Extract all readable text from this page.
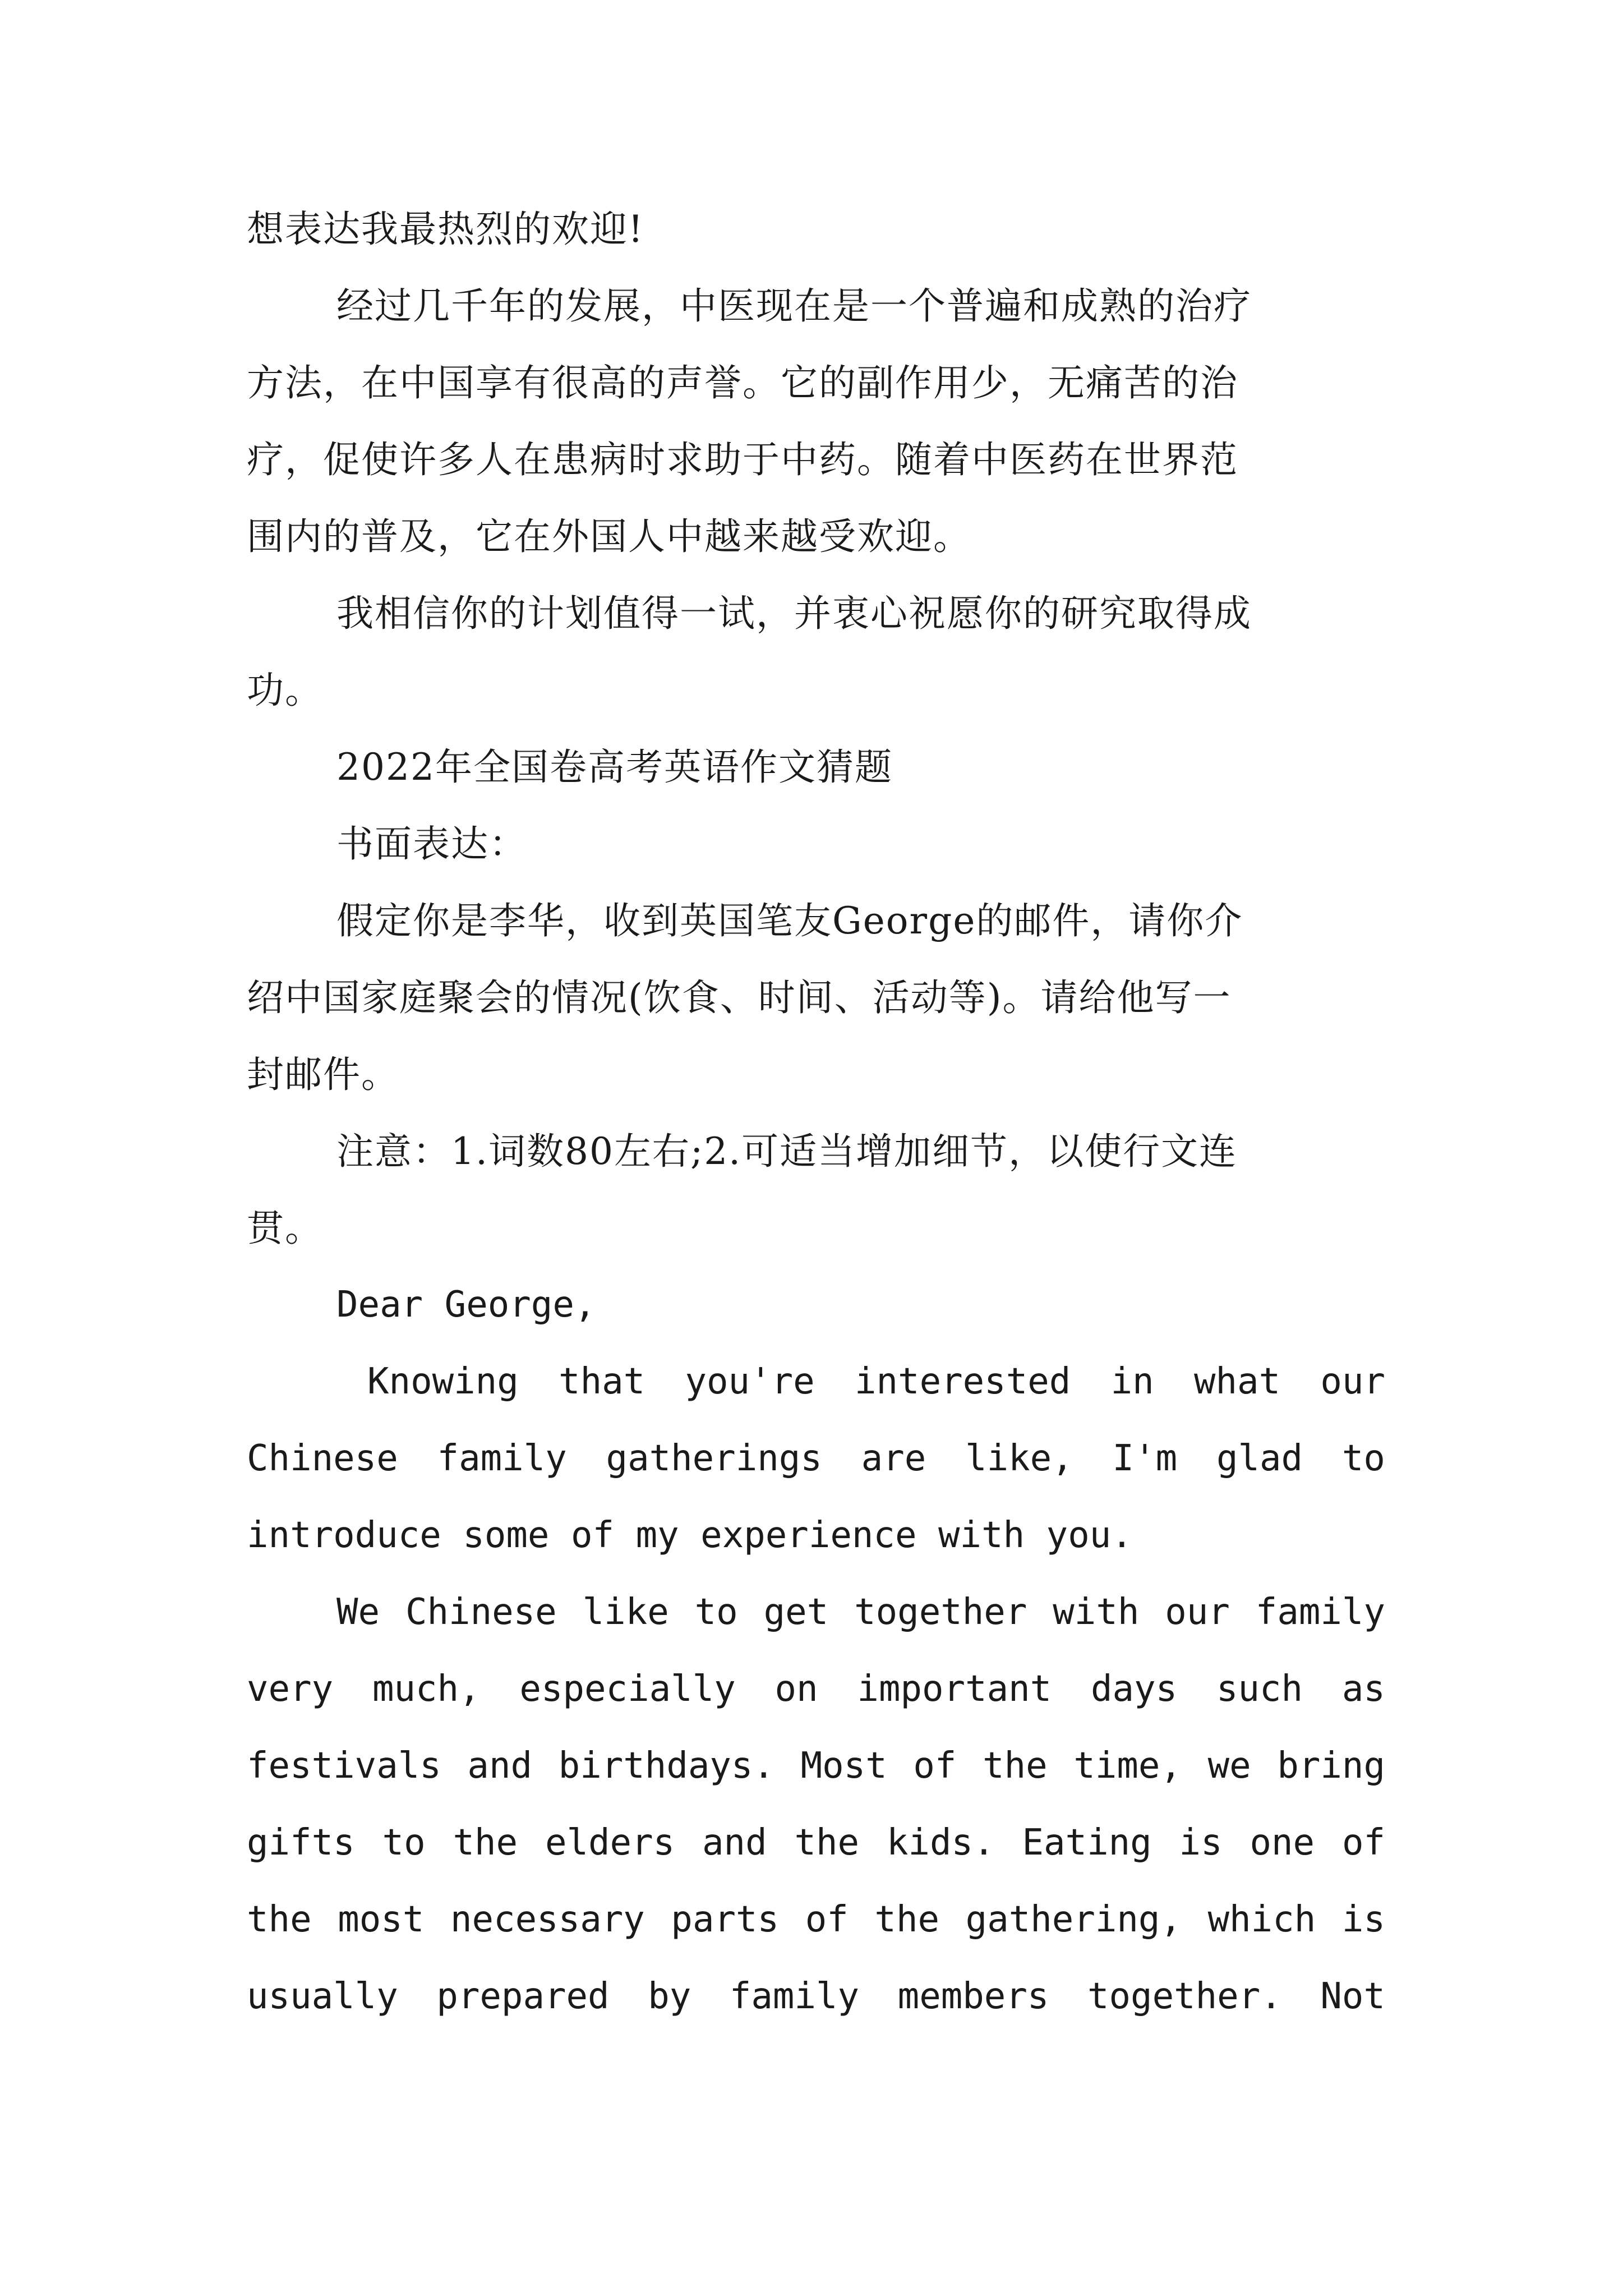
想表达我最热烈的欢迎!

经过几千年的发展，中医现在是一个普遍和成熟的治疗

方法，在中国享有很高的声誉。它的副作用少，无痛苦的治

疗，促使许多人在患病时求助于中药。随着中医药在世界范

围内的普及，它在外国人中越来越受欢迎。

我相信你的计划值得一试，并衷心祝愿你的研究取得成

功。

2022年全国卷高考英语作文猜题

书面表达：

假定你是李华，收到英国笔友George的邮件，请你介

绍中国家庭聚会的情况(饮食、时间、活动等)。请给他写一

封邮件。

注意：1.词数80左右;2.可适当增加细节，以使行文连

贯。

Dear George,

Knowing that you're interested in what our

Chinese family gatherings are like, I'm glad to

introduce some of my experience with you.

We Chinese like to get together with our family

very much, especially on important days such as

festivals and birthdays. Most of the time, we bring

gifts to the elders and the kids. Eating is one of

the most necessary parts of the gathering, which is

usually prepared by family members together. Not
